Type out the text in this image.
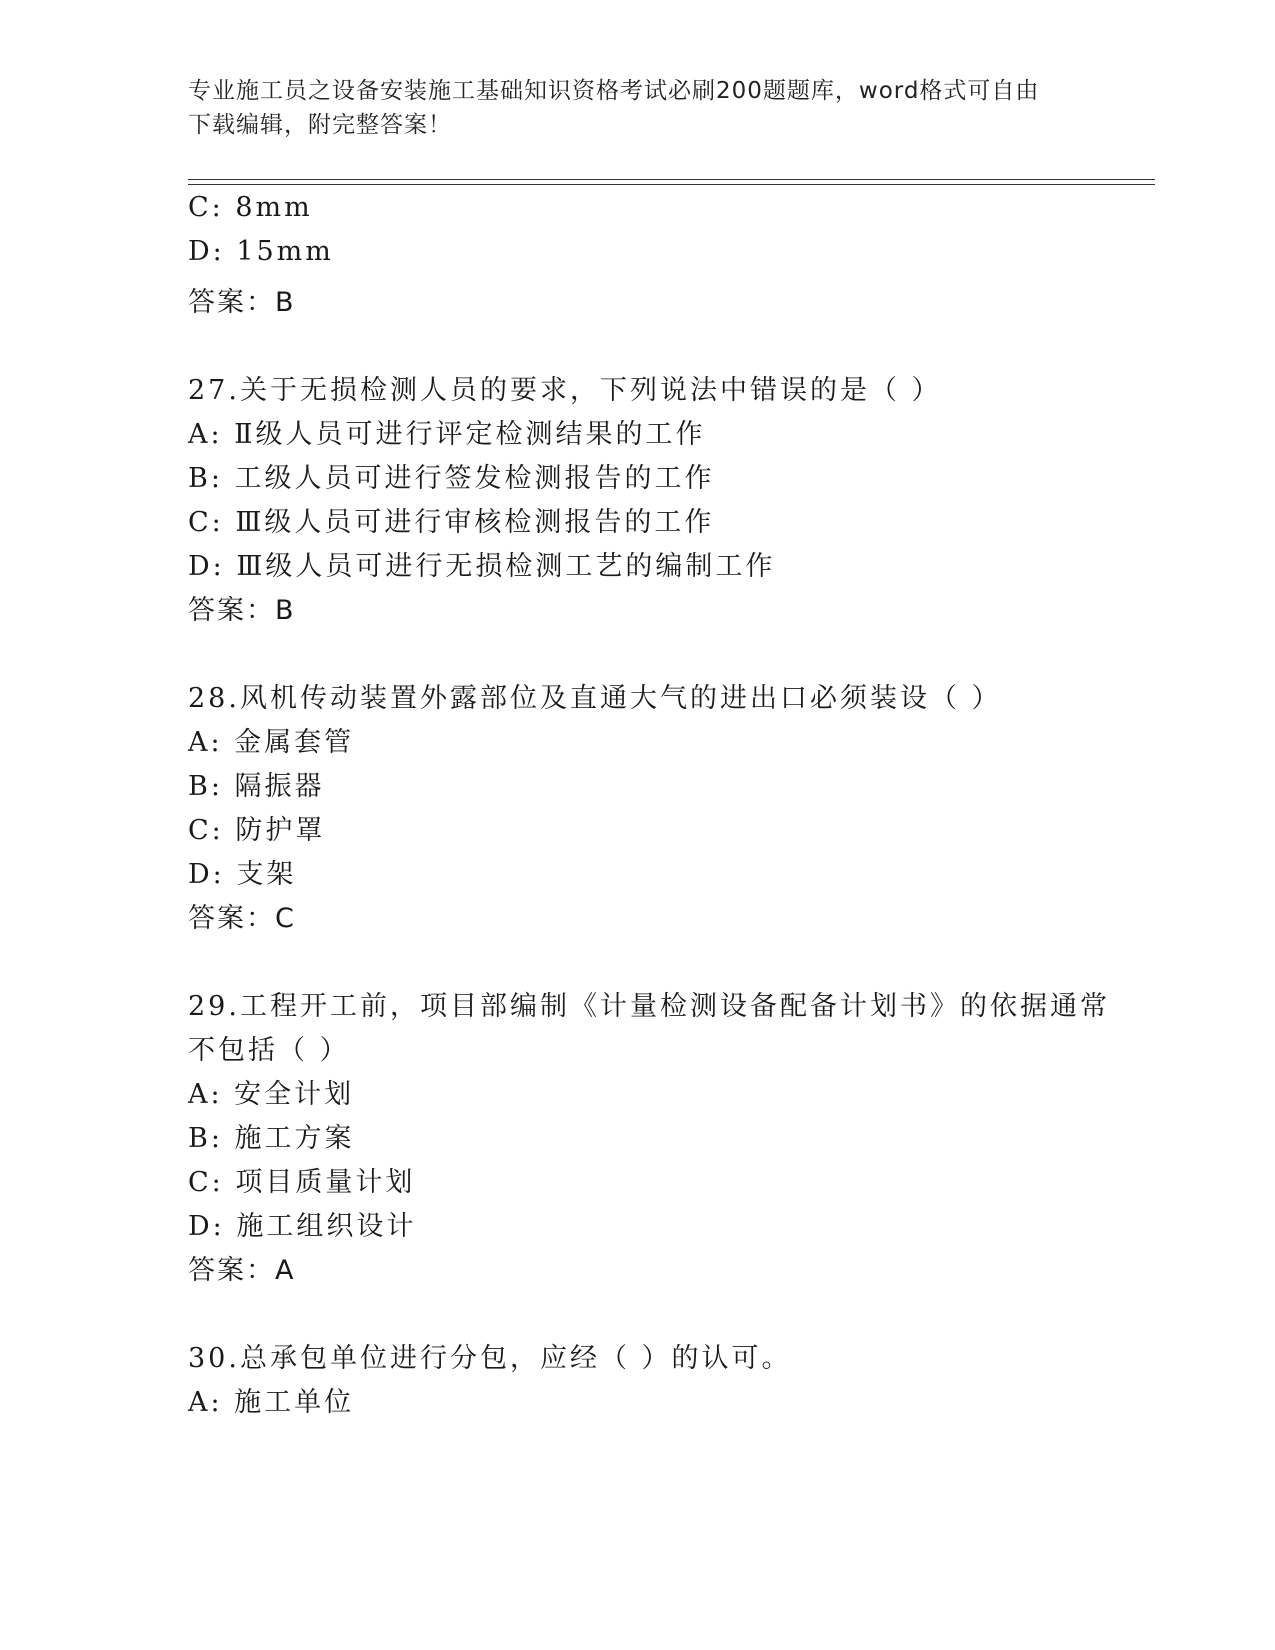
专业施工员之设备安装施工基础知识资格考试必刷200题题库，word格式可自由
下载编辑，附完整答案！
C: 8mm
D: 15mm
答案：B
27.关于无损检测人员的要求，下列说法中错误的是（ ）
A: Ⅱ级人员可进行评定检测结果的工作
B: 工级人员可进行签发检测报告的工作
C: Ⅲ级人员可进行审核检测报告的工作
D: Ⅲ级人员可进行无损检测工艺的编制工作
答案：B
28.风机传动装置外露部位及直通大气的进出口必须装设（ ）
A: 金属套管
B: 隔振器
C: 防护罩
D: 支架
答案：C
29.工程开工前，项目部编制《计量检测设备配备计划书》的依据通常
不包括（ ）
A: 安全计划
B: 施工方案
C: 项目质量计划
D: 施工组织设计
答案：A
30.总承包单位进行分包，应经（ ）的认可。
A: 施工单位
